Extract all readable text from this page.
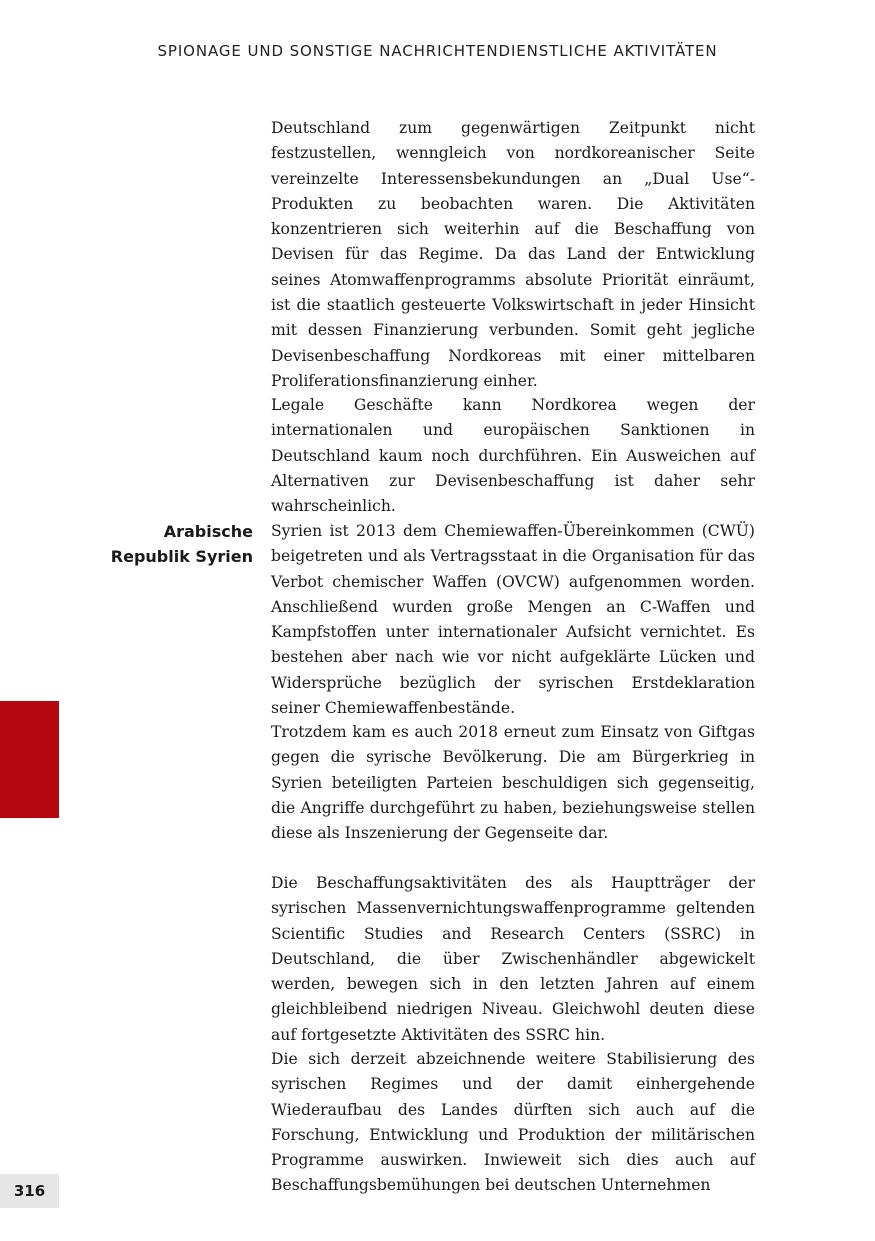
SPIONAGE UND SONSTIGE NACHRICHTENDIENSTLICHE AKTIVITÄTEN

Deutschland zum gegenwärtigen Zeitpunkt nicht festzustellen, wenngleich von nordkoreanischer Seite vereinzelte Interessensbekundungen an „Dual Use“-Produkten zu beobachten waren. Die Aktivitäten konzentrieren sich weiterhin auf die Beschaffung von Devisen für das Regime. Da das Land der Entwicklung seines Atomwaffenprogramms absolute Priorität einräumt, ist die staatlich gesteuerte Volkswirtschaft in jeder Hinsicht mit dessen Finanzierung verbunden. Somit geht jegliche Devisenbeschaffung Nordkoreas mit einer mittelbaren Proliferationsfinanzierung einher.

Legale Geschäfte kann Nordkorea wegen der internationalen und europäischen Sanktionen in Deutschland kaum noch durchführen. Ein Ausweichen auf Alternativen zur Devisenbeschaffung ist daher sehr wahrscheinlich.

Arabische
Republik Syrien

Syrien ist 2013 dem Chemiewaffen-Übereinkommen (CWÜ) beigetreten und als Vertragsstaat in die Organisation für das Verbot chemischer Waffen (OVCW) aufgenommen worden. Anschließend wurden große Mengen an C-Waffen und Kampfstoffen unter internationaler Aufsicht vernichtet. Es bestehen aber nach wie vor nicht aufgeklärte Lücken und Widersprüche bezüglich der syrischen Erstdeklaration seiner Chemiewaffenbestände.

Trotzdem kam es auch 2018 erneut zum Einsatz von Giftgas gegen die syrische Bevölkerung. Die am Bürgerkrieg in Syrien beteiligten Parteien beschuldigen sich gegenseitig, die Angriffe durchgeführt zu haben, beziehungsweise stellen diese als Inszenierung der Gegenseite dar.

Die Beschaffungsaktivitäten des als Hauptträger der syrischen Massenvernichtungswaffenprogramme geltenden Scientific Studies and Research Centers (SSRC) in Deutschland, die über Zwischenhändler abgewickelt werden, bewegen sich in den letzten Jahren auf einem gleichbleibend niedrigen Niveau. Gleichwohl deuten diese auf fortgesetzte Aktivitäten des SSRC hin.

Die sich derzeit abzeichnende weitere Stabilisierung des syrischen Regimes und der damit einhergehende Wiederaufbau des Landes dürften sich auch auf die Forschung, Entwicklung und Produktion der militärischen Programme auswirken. Inwieweit sich dies auch auf Beschaffungsbemühungen bei deutschen Unternehmen

316
